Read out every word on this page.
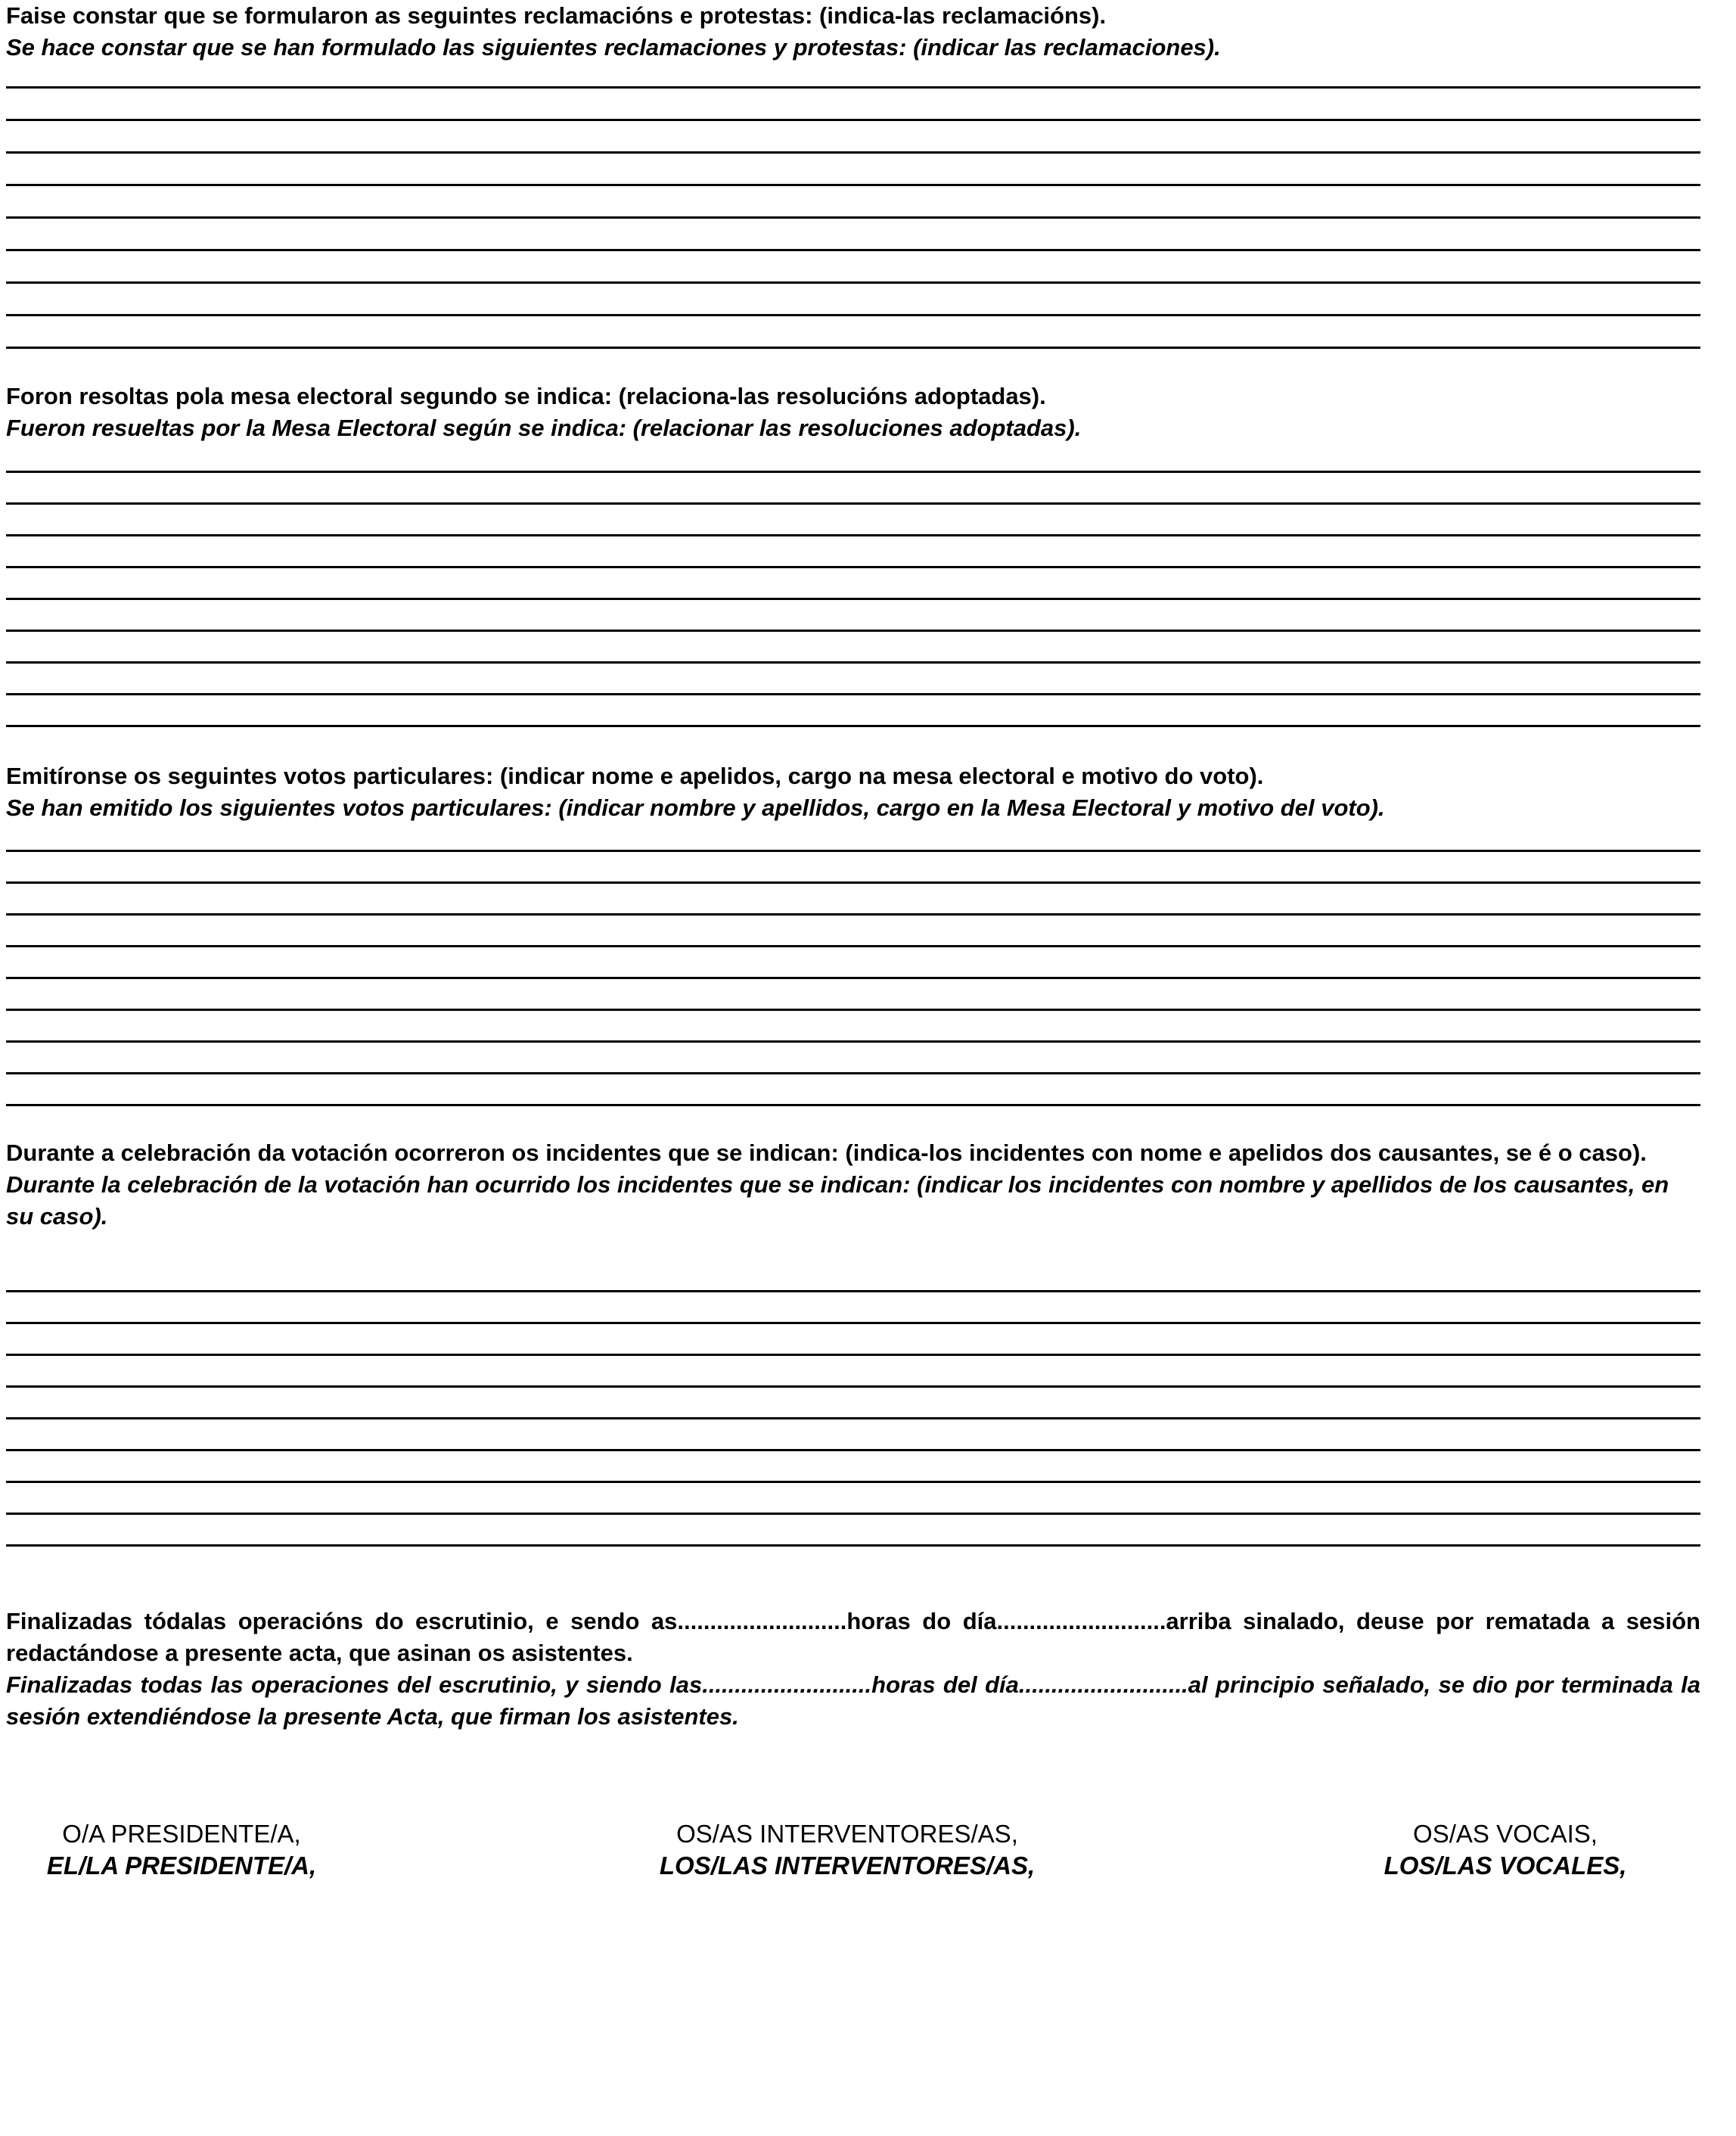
Faise constar que se formularon as seguintes reclamacións e protestas: (indica-las reclamacións).
Se hace constar que se han formulado las siguientes reclamaciones y protestas: (indicar las reclamaciones).
Foron resoltas pola mesa electoral segundo se indica: (relaciona-las resolucións adoptadas).
Fueron resueltas por la Mesa Electoral según se indica: (relacionar las resoluciones adoptadas).
Emitíronse os seguintes votos particulares: (indicar nome e apelidos, cargo na mesa electoral e motivo do voto).
Se han emitido los siguientes votos particulares: (indicar nombre y apellidos, cargo en la Mesa Electoral y motivo del voto).
Durante a celebración da votación ocorreron os incidentes que se indican: (indica-los incidentes con nome e apelidos dos causantes, se é o caso).
Durante la celebración de la votación han ocurrido los incidentes que se indican: (indicar los incidentes con nombre y apellidos de los causantes, en su caso).

Finalizadas tódalas operacións do escrutinio, e sendo as..........................horas do día..........................arriba sinalado, deuse por rematada a sesión redactándose a presente acta, que asinan os asistentes.

Finalizadas todas las operaciones del escrutinio, y siendo las..........................horas del día..........................al principio señalado, se dio por terminada la sesión extendiéndose la presente Acta, que firman los asistentes.

O/A PRESIDENTE/A,
EL/LA PRESIDENTE/A,
OS/AS INTERVENTORES/AS,
LOS/LAS INTERVENTORES/AS,
OS/AS VOCAIS,
LOS/LAS VOCALES,
